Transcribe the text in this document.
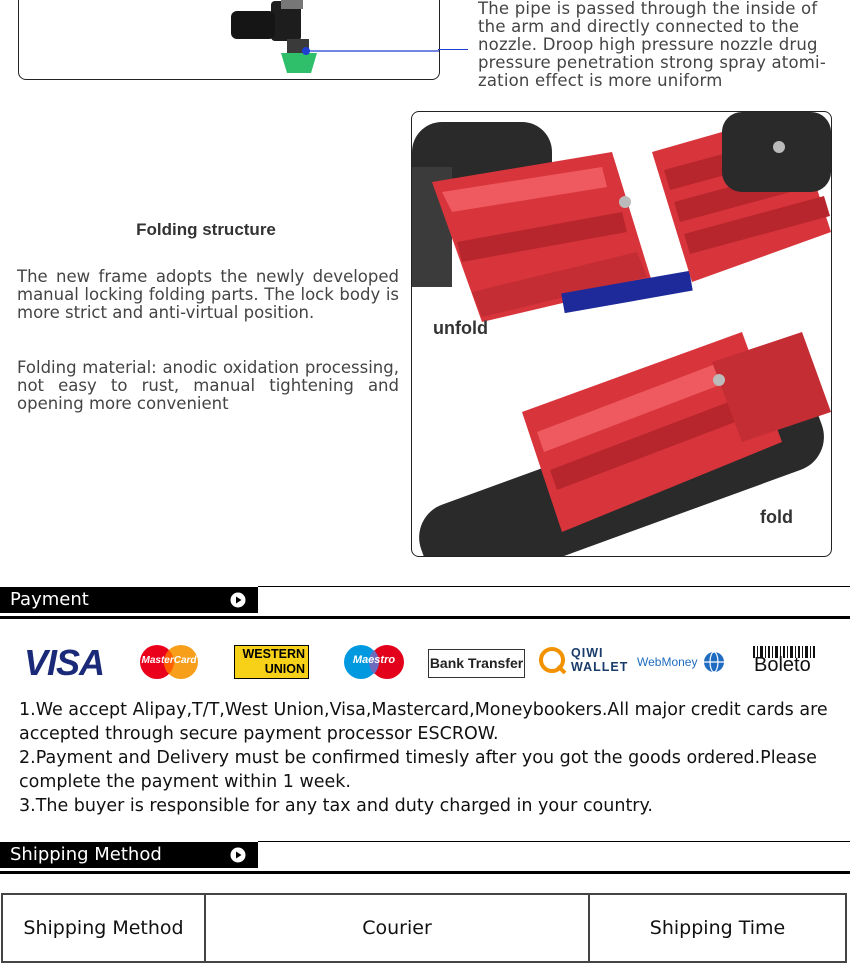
The pipe is passed through the inside of the arm and directly connected to the nozzle. Droop high pressure nozzle drug pressure penetration strong spray atomi-zation effect is more uniform
Folding structure
The new frame adopts the newly developed manual locking folding parts. The lock body is more strict and anti-virtual position.
Folding material: anodic oxidation processing, not easy to rust, manual tightening and opening more convenient
unfold
fold
Payment
VISA	MasterCard	WESTERN
UNION
Maestro	Bank Transfer
QIWI
WALLET WebMoney	Boleto

1.We accept Alipay,T/T,West Union,Visa,Mastercard,Moneybookers.All major credit cards are accepted through secure payment processor ESCROW.

2.Payment and Delivery must be confirmed timesly after you got the goods ordered.Please complete the payment within 1 week.

3.The buyer is responsible for any tax and duty charged in your country.

Shipping Method
Shipping Method	Courier	Shipping Time
